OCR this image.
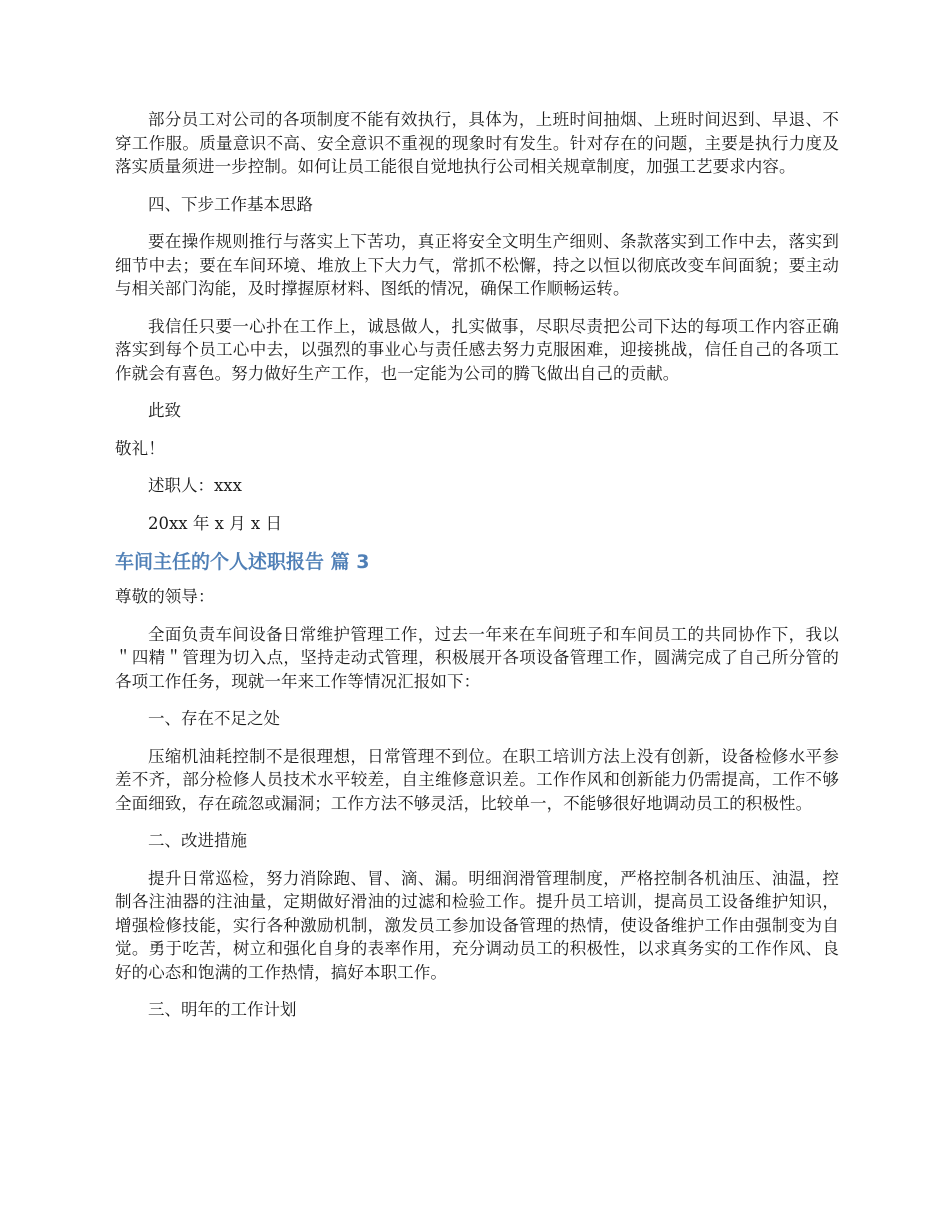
部分员工对公司的各项制度不能有效执行，具体为，上班时间抽烟、上班时间迟到、早退、不穿工作服。质量意识不高、安全意识不重视的现象时有发生。针对存在的问题，主要是执行力度及落实质量须进一步控制。如何让员工能很自觉地执行公司相关规章制度，加强工艺要求内容。

四、下步工作基本思路

要在操作规则推行与落实上下苦功，真正将安全文明生产细则、条款落实到工作中去，落实到细节中去；要在车间环境、堆放上下大力气，常抓不松懈，持之以恒以彻底改变车间面貌；要主动与相关部门沟能，及时撑握原材料、图纸的情况，确保工作顺畅运转。

我信任只要一心扑在工作上，诚恳做人，扎实做事，尽职尽责把公司下达的每项工作内容正确落实到每个员工心中去，以强烈的事业心与责任感去努力克服困难，迎接挑战，信任自己的各项工作就会有喜色。努力做好生产工作，也一定能为公司的腾飞做出自己的贡献。

此致

敬礼！

述职人：xxx

20xx 年 x 月 x 日

车间主任的个人述职报告 篇 3

尊敬的领导：

全面负责车间设备日常维护管理工作，过去一年来在车间班子和车间员工的共同协作下，我以＂四精＂管理为切入点，坚持走动式管理，积极展开各项设备管理工作，圆满完成了自己所分管的各项工作任务，现就一年来工作等情况汇报如下：

一、存在不足之处

压缩机油耗控制不是很理想，日常管理不到位。在职工培训方法上没有创新，设备检修水平参差不齐，部分检修人员技术水平较差，自主维修意识差。工作作风和创新能力仍需提高，工作不够全面细致，存在疏忽或漏洞；工作方法不够灵活，比较单一，不能够很好地调动员工的积极性。

二、改进措施

提升日常巡检，努力消除跑、冒、滴、漏。明细润滑管理制度，严格控制各机油压、油温，控制各注油器的注油量，定期做好滑油的过滤和检验工作。提升员工培训，提高员工设备维护知识，增强检修技能，实行各种激励机制，激发员工参加设备管理的热情，使设备维护工作由强制变为自觉。勇于吃苦，树立和强化自身的表率作用，充分调动员工的积极性，以求真务实的工作作风、良好的心态和饱满的工作热情，搞好本职工作。

三、明年的工作计划
